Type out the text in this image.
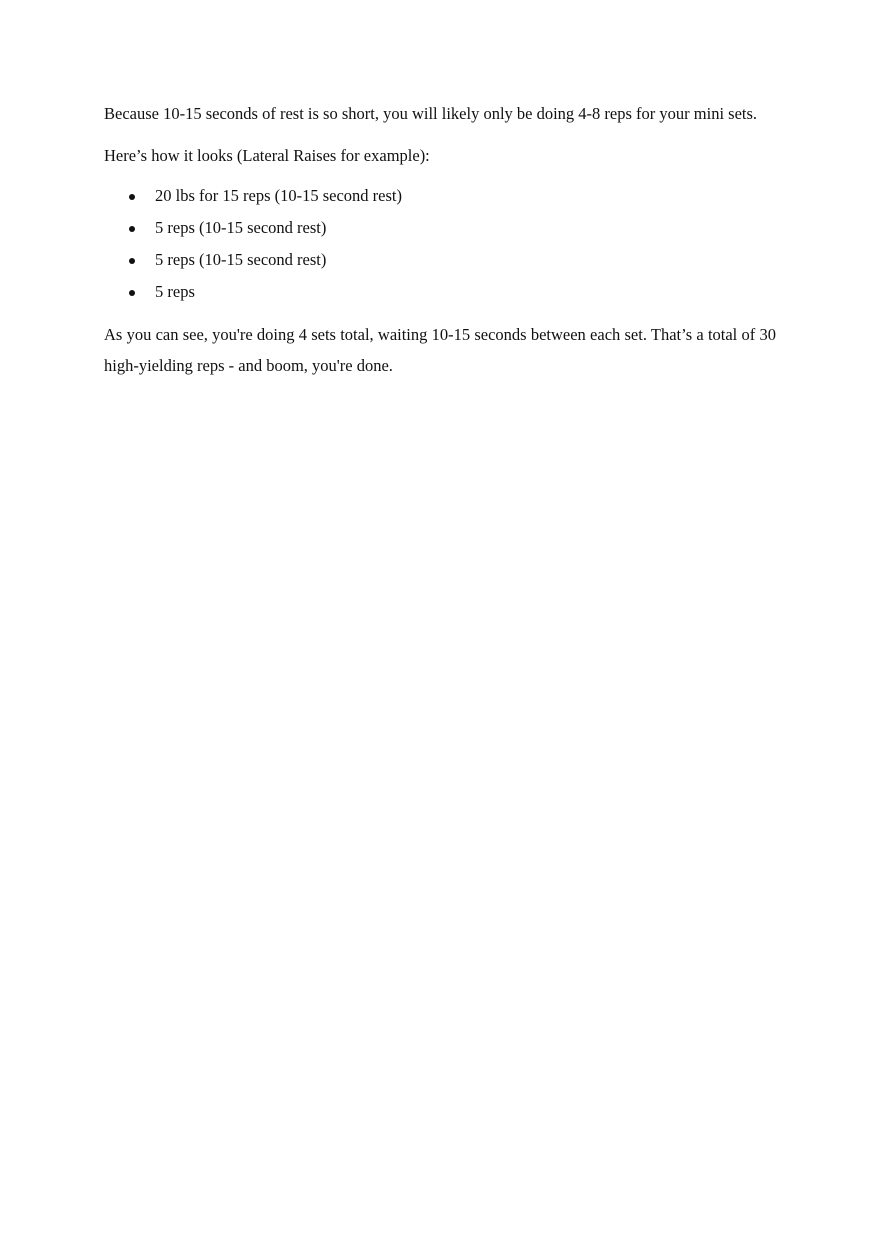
Because 10-15 seconds of rest is so short, you will likely only be doing 4-8 reps for your mini sets.

Here’s how it looks (Lateral Raises for example):

20 lbs for 15 reps (10-15 second rest)
5 reps (10-15 second rest)
5 reps (10-15 second rest)
5 reps

As you can see, you're doing 4 sets total, waiting 10-15 seconds between each set. That’s a total of 30 high-yielding reps - and boom, you're done.
